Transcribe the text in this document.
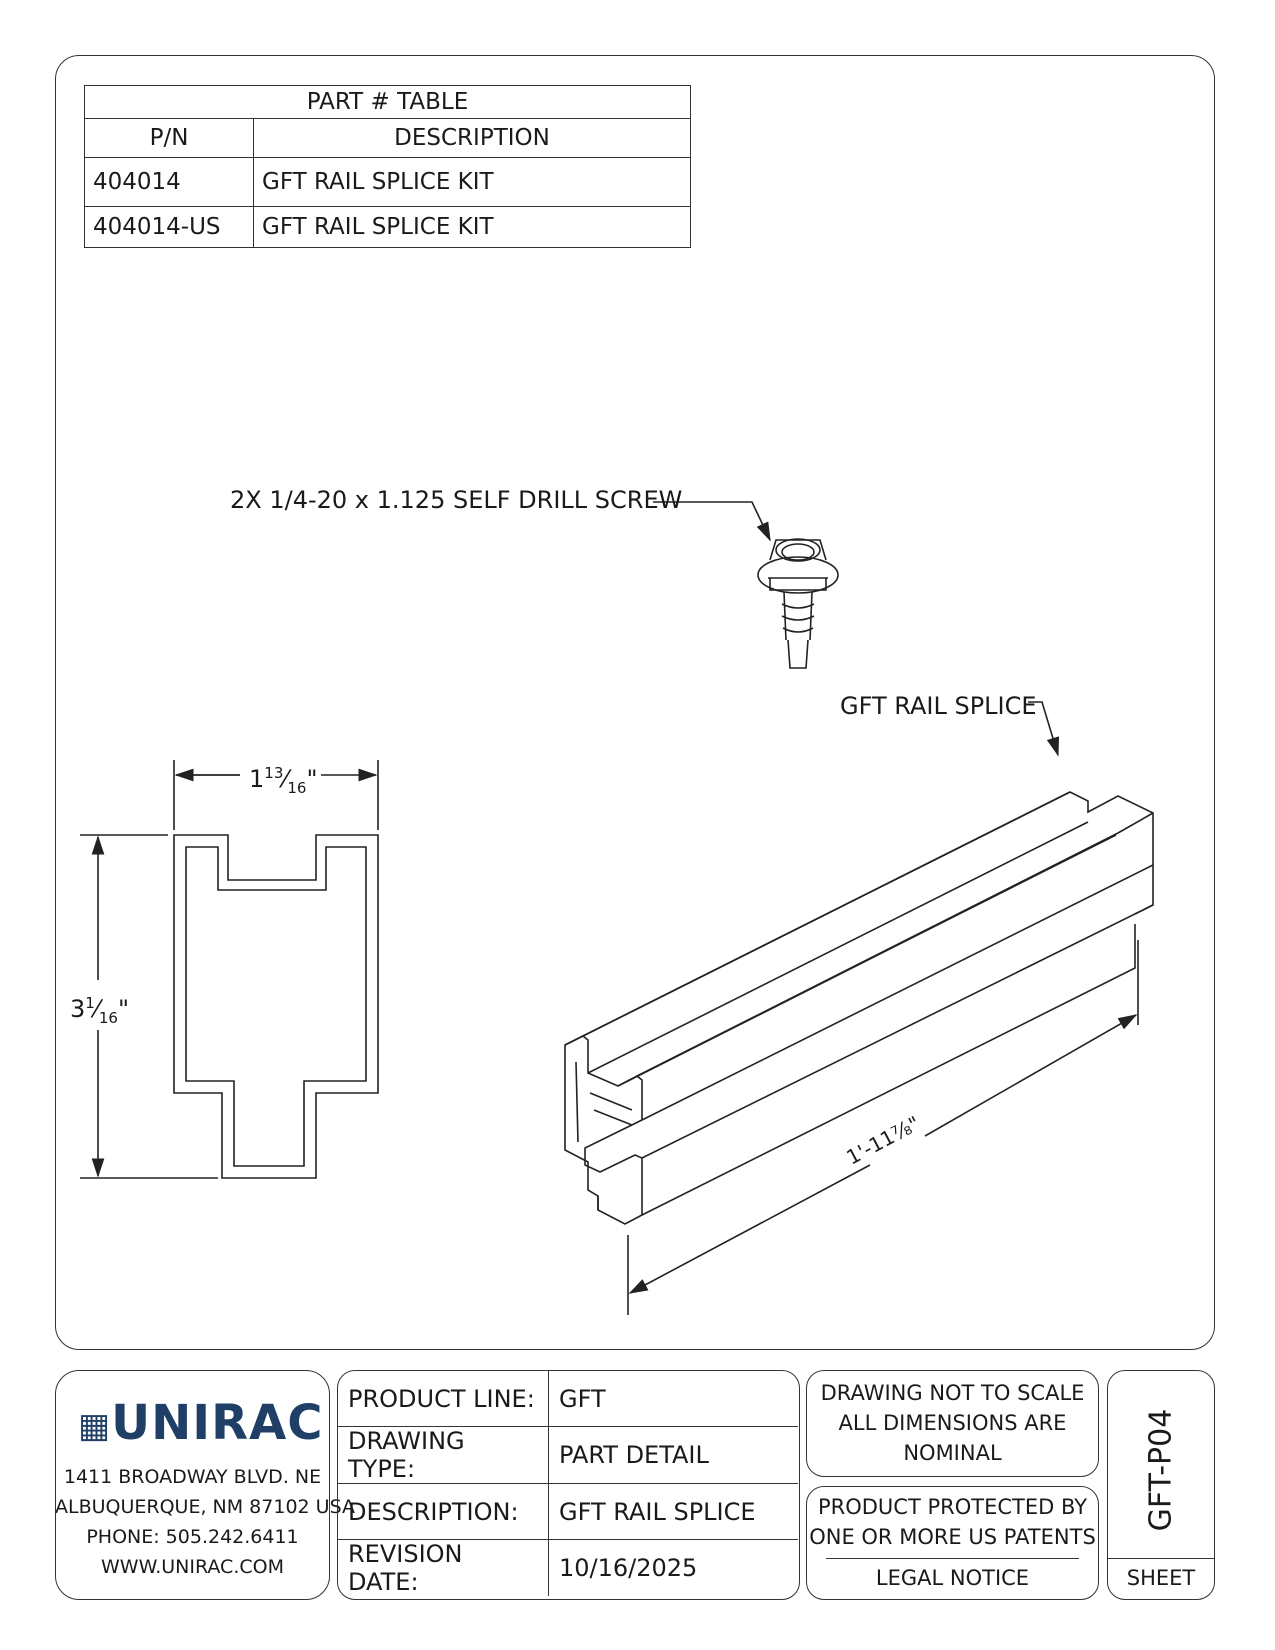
PART # TABLE	
P/N	DESCRIPTION
404014	GFT RAIL SPLICE KIT
404014-US	GFT RAIL SPLICE KIT
2X 1/4-20 x 1.125 SELF DRILL SCREW
GFT RAIL SPLICE
$1^{13}⁄_{16}$"
$3^1⁄_{16}$"
1'-11⅞"
▦UNIRAC
1411 BROADWAY BLVD. NE
ALBUQUERQUE, NM 87102 USA
PHONE: 505.242.6411
WWW.UNIRAC.COM
PRODUCT LINE:	GFT
DRAWING TYPE:	PART DETAIL
DESCRIPTION:	GFT RAIL SPLICE
REVISION DATE:	10/16/2025
DRAWING NOT TO SCALE
ALL DIMENSIONS ARE
NOMINAL
PRODUCT PROTECTED BY
ONE OR MORE US PATENTS
LEGAL NOTICE
GFT-P04
SHEET
